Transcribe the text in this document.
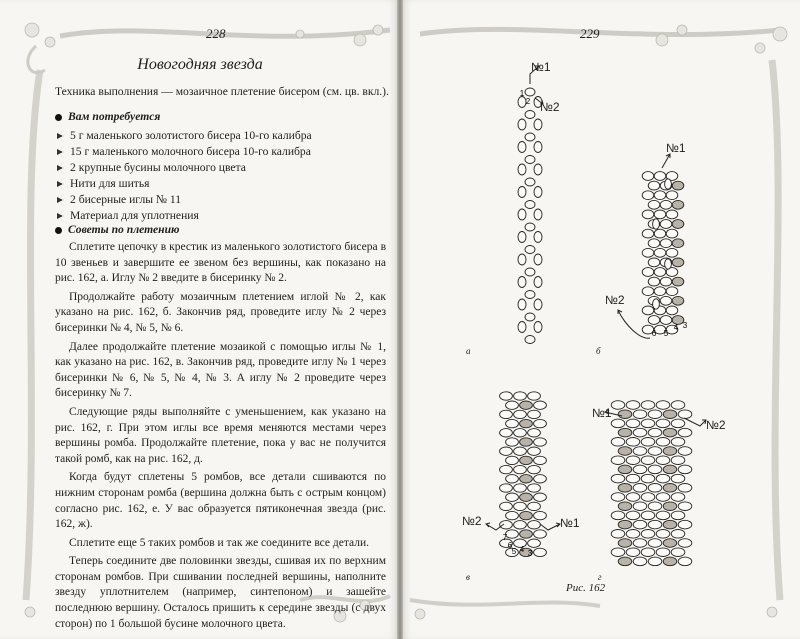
228
Новогодняя звезда
Техника выполнения — мозаичное плетение бисером (см. цв. вкл.).
Вам потребуется
5 г маленького золотистого бисера 10-го калибра
15 г маленького молочного бисера 10-го калибра
2 крупные бусины молочного цвета
Нити для шитья
2 бисерные иглы № 11
Материал для уплотнения
Советы по плетению

Сплетите цепочку в крестик из маленького золотистого бисера в 10 звеньев и завершите ее звеном без вершины, как показано на рис. 162, а. Иглу № 2 введите в бисеринку № 2.

Продолжайте работу мозаичным плетением иглой № 2, как указано на рис. 162, б. Закончив ряд, проведите иглу № 2 через бисеринки № 4, № 5, № 6.

Далее продолжайте плетение мозаикой с помощью иглы № 1, как указано на рис. 162, в. Закончив ряд, проведите иглу № 1 через бисеринки № 6, № 5, № 4, № 3. А иглу № 2 проведите через бисеринку № 7.

Следующие ряды выполняйте с уменьшением, как указано на рис. 162, г. При этом иглы все время меняются местами через вершины ромба. Продолжайте плетение, пока у вас не получится такой ромб, как на рис. 162, д.

Когда будут сплетены 5 ромбов, все детали сшиваются по нижним сторонам ромба (вершина должна быть с острым концом) согласно рис. 162, е. У вас образуется пятиконечная звезда (рис. 162, ж).

Сплетите еще 5 таких ромбов и так же соедините все детали.

Теперь соедините две половинки звезды, сшивая их по верхним сторонам ромбов. При сшивании последней вершины, наполните звезду уплотнителем (например, синтепоном) и зашейте последнюю вершину. Осталось пришить к середине звезды (с двух сторон) по 1 большой бусине молочного цвета.

229
1
2
3
4
5
6
3
4
5
6
7
№1
№2
№1
№2
№2	№1
№1
№2
а	б
в	г
Рис. 162
